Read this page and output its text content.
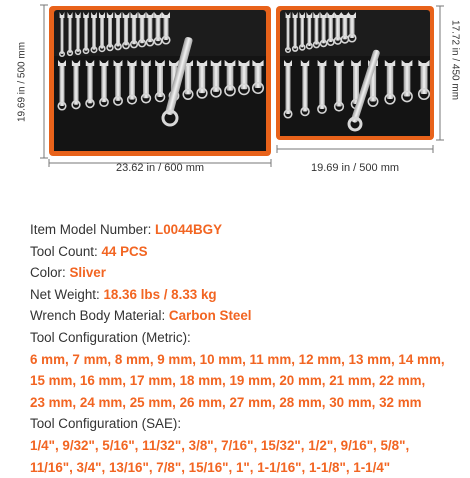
19.69 in / 500 mm
23.62 in / 600 mm	19.69 in / 500 mm
17.72 in / 450 mm
Item Model Number: L0044BGY
Tool Count: 44 PCS
Color: Sliver
Net Weight: 18.36 lbs / 8.33 kg
Wrench Body Material: Carbon Steel
Tool Configuration (Metric):
6 mm, 7 mm, 8 mm, 9 mm, 10 mm, 11 mm, 12 mm, 13 mm, 14 mm,
15 mm, 16 mm, 17 mm, 18 mm, 19 mm, 20 mm, 21 mm, 22 mm,
23 mm, 24 mm, 25 mm, 26 mm, 27 mm, 28 mm, 30 mm, 32 mm
Tool Configuration (SAE):
1/4", 9/32", 5/16", 11/32", 3/8", 7/16", 15/32", 1/2", 9/16", 5/8",
11/16", 3/4", 13/16", 7/8", 15/16", 1", 1-1/16", 1-1/8", 1-1/4"
